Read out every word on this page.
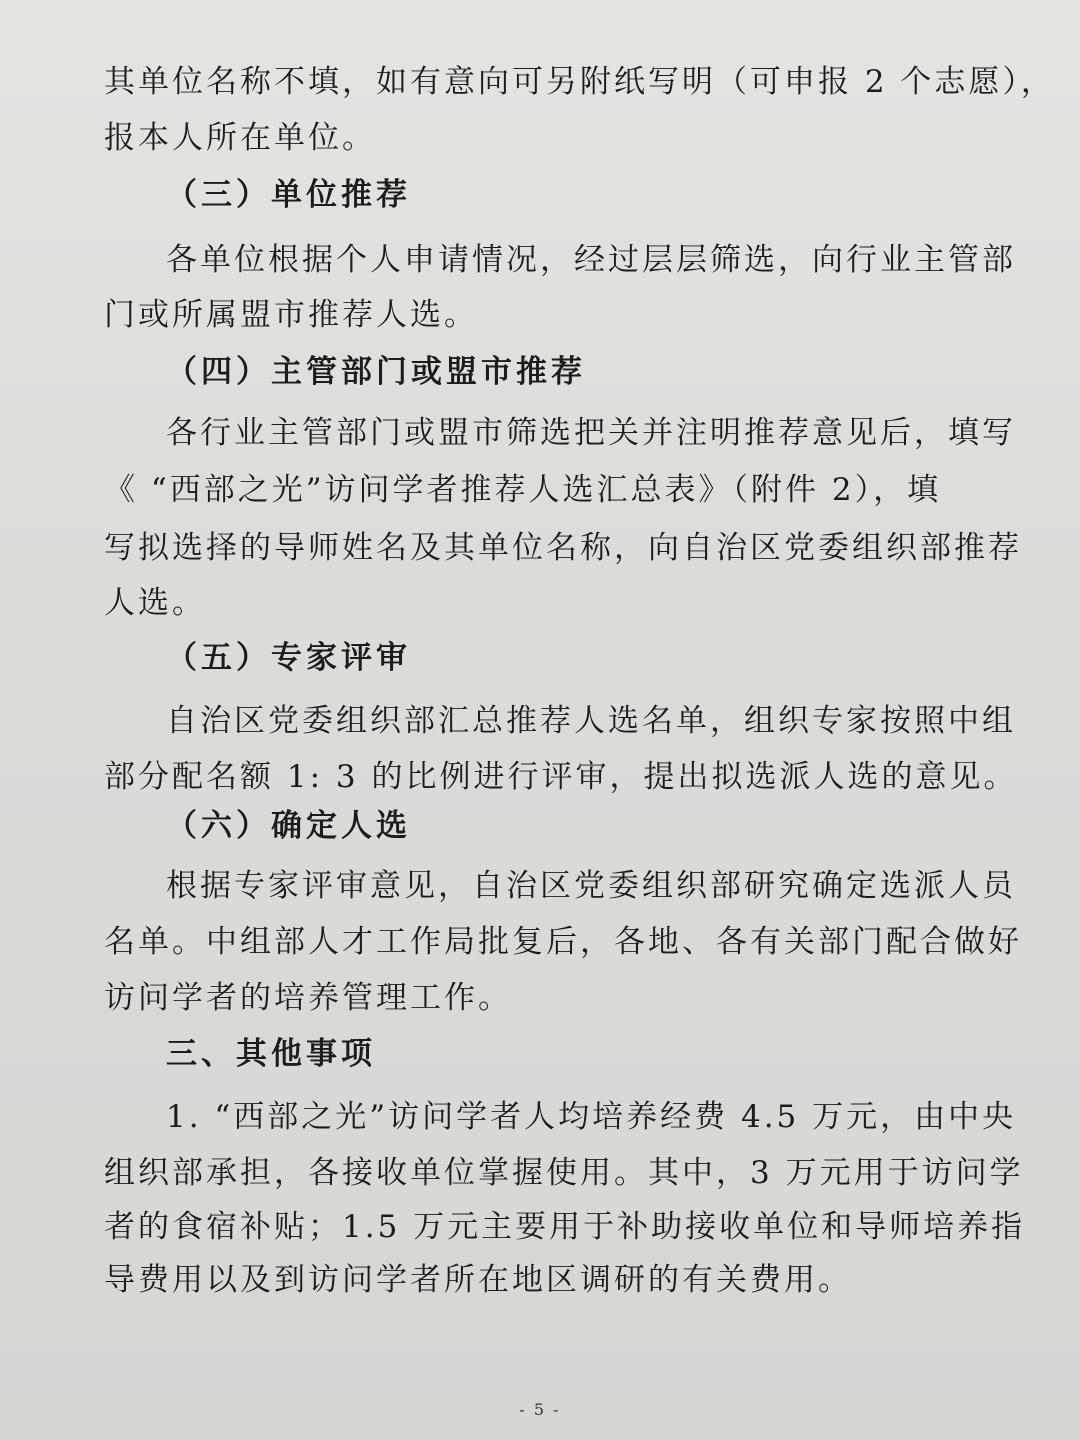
其单位名称不填，如有意向可另附纸写明（可申报 2 个志愿），
报本人所在单位。
（三）单位推荐
各单位根据个人申请情况，经过层层筛选，向行业主管部
门或所属盟市推荐人选。
（四）主管部门或盟市推荐
各行业主管部门或盟市筛选把关并注明推荐意见后，填写
《 “西部之光”访问学者推荐人选汇总表》（附件 2），填
写拟选择的导师姓名及其单位名称，向自治区党委组织部推荐
人选。
（五）专家评审
自治区党委组织部汇总推荐人选名单，组织专家按照中组
部分配名额 1: 3 的比例进行评审，提出拟选派人选的意见。
（六）确定人选
根据专家评审意见，自治区党委组织部研究确定选派人员
名单。中组部人才工作局批复后，各地、各有关部门配合做好
访问学者的培养管理工作。
三、其他事项
1. “西部之光”访问学者人均培养经费 4.5 万元，由中央
组织部承担，各接收单位掌握使用。其中，3 万元用于访问学
者的食宿补贴；1.5 万元主要用于补助接收单位和导师培养指
导费用以及到访问学者所在地区调研的有关费用。
- 5 -
